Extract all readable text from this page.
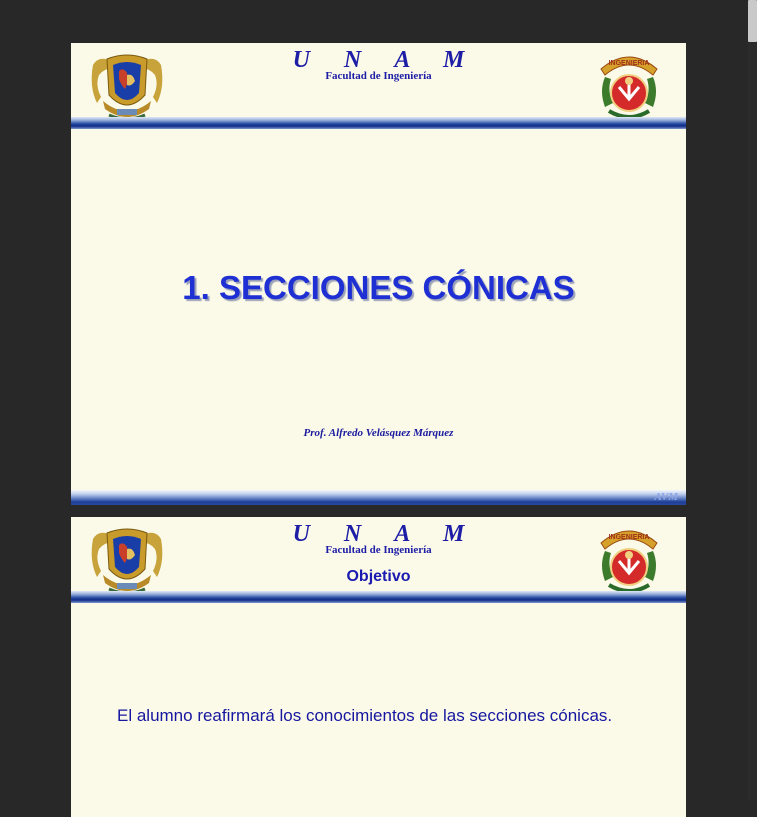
U N A M
Facultad de Ingeniería
INGENIERIA
1. SECCIONES CÓNICAS
Prof. Alfredo Velásquez Márquez
AVM
U N A M
Facultad de Ingeniería
Objetivo
INGENIERIA
El alumno reafirmará los conocimientos de las secciones cónicas.
